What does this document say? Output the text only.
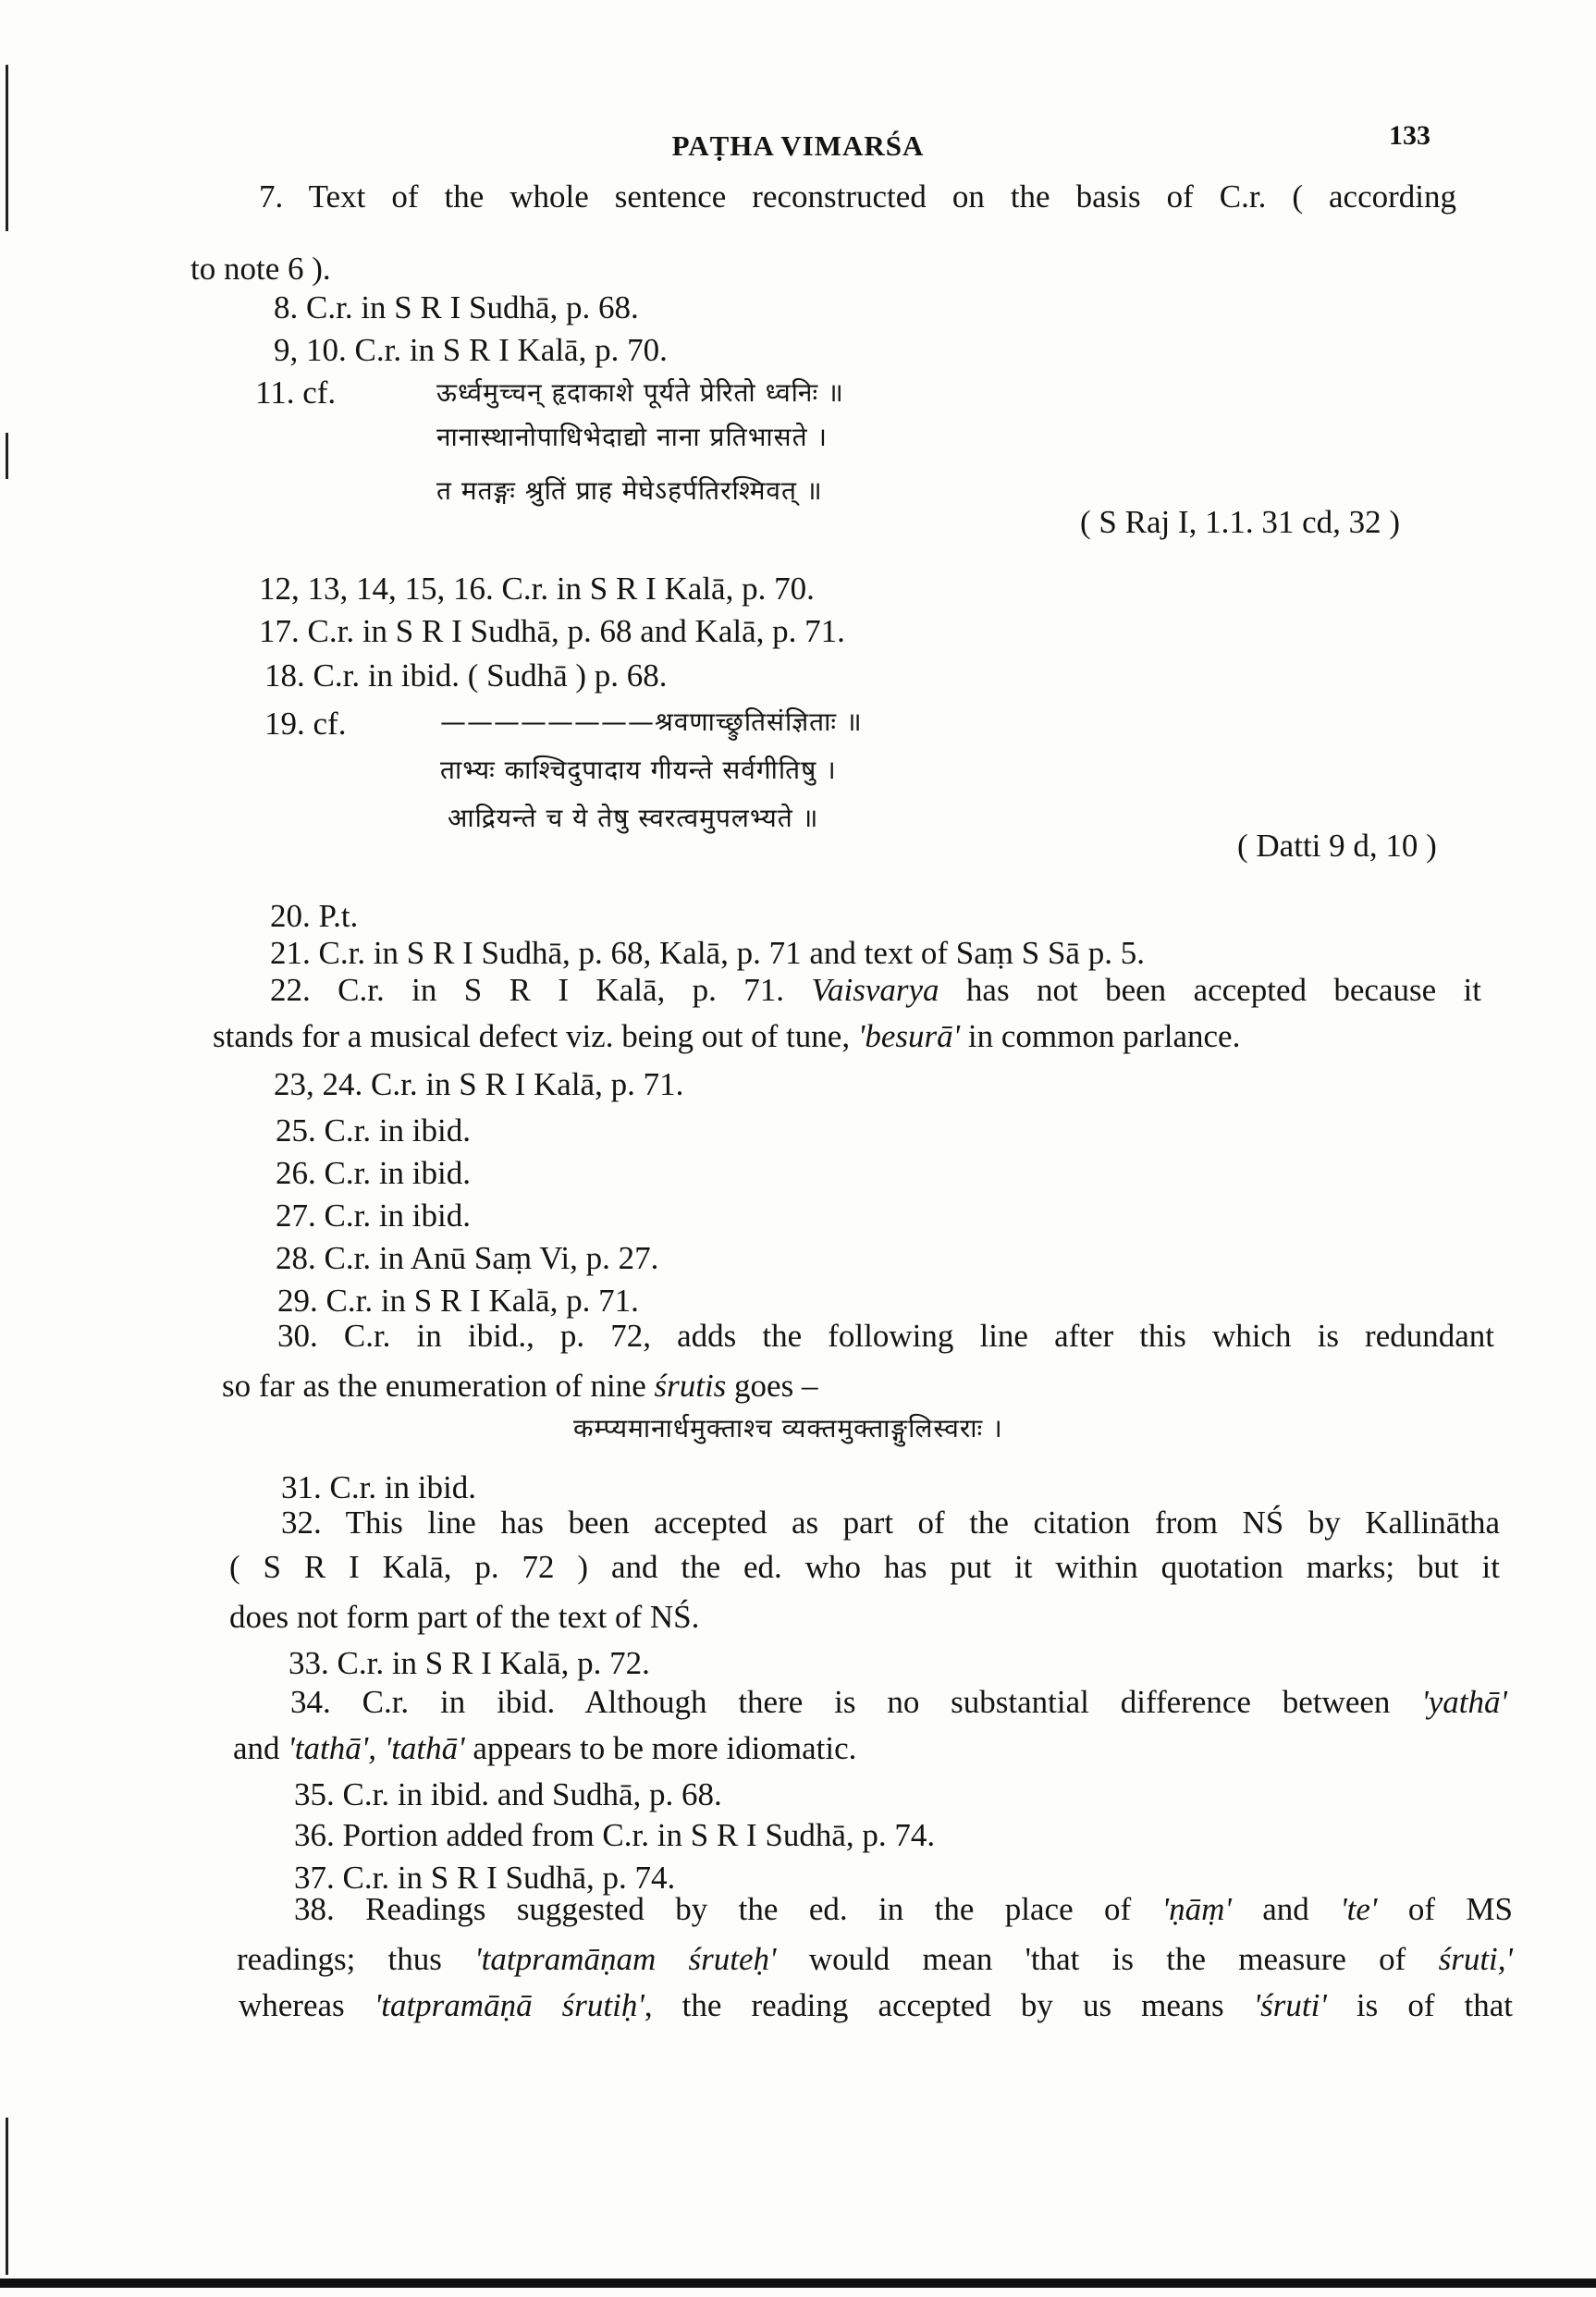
PAṬHA VIMARŚA	133
7. Text of the whole sentence reconstructed on the basis of C.r. ( according
to note 6 ).
8. C.r. in S R I Sudhā, p. 68.
9, 10. C.r. in S R I Kalā, p. 70.
11. cf.	ऊर्ध्वमुच्चन् हृदाकाशे पूर्यते प्रेरितो ध्वनिः ॥
नानास्थानोपाधिभेदाद्यो नाना प्रतिभासते ।
त मतङ्गः श्रुतिं प्राह मेघेऽहर्पतिरश्मिवत् ॥
( S Raj I, 1.1. 31 cd, 32 )
12, 13, 14, 15, 16. C.r. in S R I Kalā, p. 70.
17. C.r. in S R I Sudhā, p. 68 and Kalā, p. 71.
18. C.r. in ibid. ( Sudhā ) p. 68.
19. cf.	————————श्रवणाच्छ्रुतिसंज्ञिताः ॥
ताभ्यः काश्चिदुपादाय गीयन्ते सर्वगीतिषु ।
आद्रियन्ते च ये तेषु स्वरत्वमुपलभ्यते ॥
( Datti 9 d, 10 )
20. P.t.
21. C.r. in S R I Sudhā, p. 68, Kalā, p. 71 and text of Saṃ S Sā p. 5.
22. C.r. in S R I Kalā, p. 71. Vaisvarya has not been accepted because it
stands for a musical defect viz. being out of tune, 'besurā' in common parlance.
23, 24. C.r. in S R I Kalā, p. 71.
25. C.r. in ibid.
26. C.r. in ibid.
27. C.r. in ibid.
28. C.r. in Anū Saṃ Vi, p. 27.
29. C.r. in S R I Kalā, p. 71.
30. C.r. in ibid., p. 72, adds the following line after this which is redundant
so far as the enumeration of nine śrutis goes –
कम्प्यमानार्धमुक्ताश्च व्यक्तमुक्ताङ्गुलिस्वराः ।
31. C.r. in ibid.
32. This line has been accepted as part of the citation from NŚ by Kallinātha
( S R I Kalā, p. 72 ) and the ed. who has put it within quotation marks; but it
does not form part of the text of NŚ.
33. C.r. in S R I Kalā, p. 72.
34. C.r. in ibid. Although there is no substantial difference between 'yathā'
and 'tathā', 'tathā' appears to be more idiomatic.
35. C.r. in ibid. and Sudhā, p. 68.
36. Portion added from C.r. in S R I Sudhā, p. 74.
37. C.r. in S R I Sudhā, p. 74.
38. Readings suggested by the ed. in the place of 'ṇāṃ' and 'te' of MS
readings; thus 'tatpramāṇam śruteḥ' would mean 'that is the measure of śruti,'
whereas 'tatpramāṇā śrutiḥ', the reading accepted by us means 'śruti' is of that
